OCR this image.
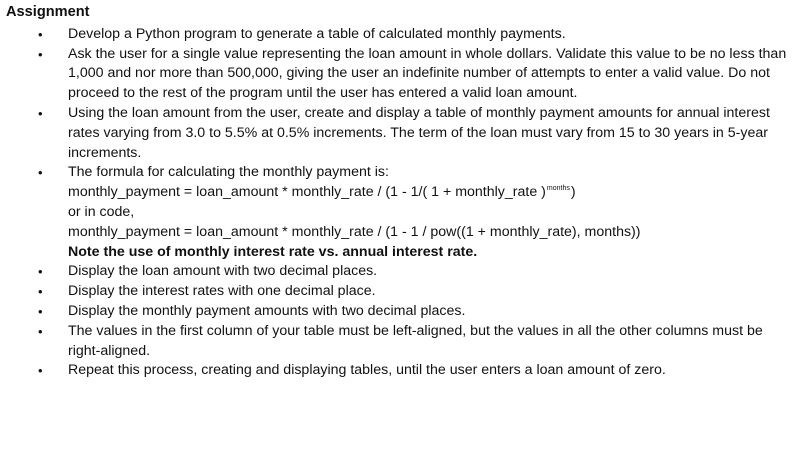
Assignment
• Develop a Python program to generate a table of calculated monthly payments.
• Ask the user for a single value representing the loan amount in whole dollars. Validate this value to be no less than 1,000 and nor more than 500,000, giving the user an indefinite number of attempts to enter a valid value. Do not proceed to the rest of the program until the user has entered a valid loan amount.
• Using the loan amount from the user, create and display a table of monthly payment amounts for annual interest rates varying from 3.0 to 5.5% at 0.5% increments. The term of the loan must vary from 15 to 30 years in 5-year increments.
• The formula for calculating the monthly payment is:
monthly_payment = loan_amount * monthly_rate / (1 - 1/( 1 + monthly_rate )$^{months}$)
or in code,
monthly_payment = loan_amount * monthly_rate / (1 - 1 / pow((1 + monthly_rate), months))
Note the use of monthly interest rate vs. annual interest rate.
• Display the loan amount with two decimal places.
• Display the interest rates with one decimal place.
• Display the monthly payment amounts with two decimal places.
• The values in the first column of your table must be left-aligned, but the values in all the other columns must be right-aligned.
• Repeat this process, creating and displaying tables, until the user enters a loan amount of zero.
